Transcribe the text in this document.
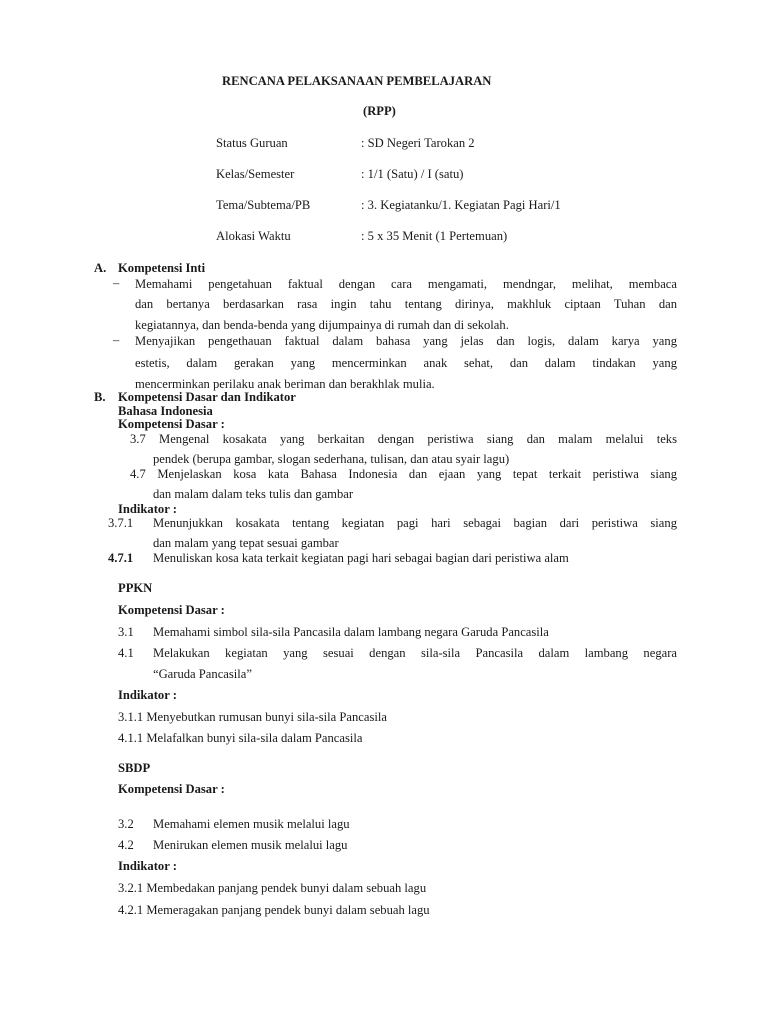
RENCANA PELAKSANAAN PEMBELAJARAN
(RPP)
Status Guruan	: SD Negeri Tarokan 2
Kelas/Semester	: 1/1 (Satu) / I (satu)
Tema/Subtema/PB	: 3. Kegiatanku/1. Kegiatan Pagi Hari/1
Alokasi Waktu	: 5 x 35 Menit (1 Pertemuan)
A. Kompetensi Inti
– Memahami pengetahuan faktual dengan cara mengamati, mendngar, melihat, membaca
dan bertanya berdasarkan rasa ingin tahu tentang dirinya, makhluk ciptaan Tuhan dan
kegiatannya, dan benda-benda yang dijumpainya di rumah dan di sekolah.
– Menyajikan pengethauan faktual dalam bahasa yang jelas dan logis, dalam karya yang
estetis, dalam gerakan yang mencerminkan anak sehat, dan dalam tindakan yang
mencerminkan perilaku anak beriman dan berakhlak mulia.
B. Kompetensi Dasar dan Indikator
Bahasa Indonesia
Kompetensi Dasar :
3.7 Mengenal kosakata yang berkaitan dengan peristiwa siang dan malam melalui teks
pendek (berupa gambar, slogan sederhana, tulisan, dan atau syair lagu)
4.7 Menjelaskan kosa kata Bahasa Indonesia dan ejaan yang tepat terkait peristiwa siang
dan malam dalam teks tulis dan gambar
Indikator :
3.7.1 Menunjukkan kosakata tentang kegiatan pagi hari sebagai bagian dari peristiwa siang
dan malam yang tepat sesuai gambar
4.7.1 Menuliskan kosa kata terkait kegiatan pagi hari sebagai bagian dari peristiwa alam
PPKN
Kompetensi Dasar :
3.1 Memahami simbol sila-sila Pancasila dalam lambang negara Garuda Pancasila
4.1 Melakukan kegiatan yang sesuai dengan sila-sila Pancasila dalam lambang negara
“Garuda Pancasila”
Indikator :
3.1.1 Menyebutkan rumusan bunyi sila-sila Pancasila
4.1.1 Melafalkan bunyi sila-sila dalam Pancasila
SBDP
Kompetensi Dasar :
3.2 Memahami elemen musik melalui lagu
4.2 Menirukan elemen musik melalui lagu
Indikator :
3.2.1 Membedakan panjang pendek bunyi dalam sebuah lagu
4.2.1 Memeragakan panjang pendek bunyi dalam sebuah lagu
